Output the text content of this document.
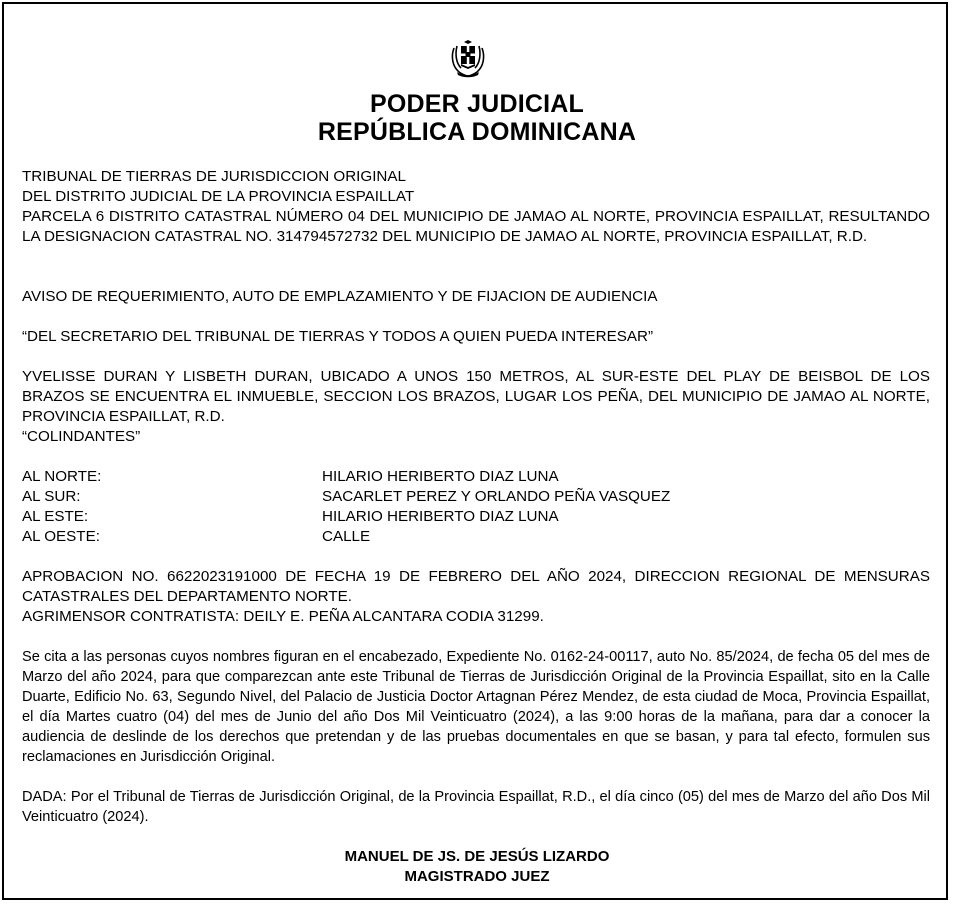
PODER JUDICIAL
REPÚBLICA DOMINICANA
TRIBUNAL DE TIERRAS DE JURISDICCION ORIGINAL
DEL DISTRITO JUDICIAL DE LA PROVINCIA ESPAILLAT
PARCELA 6 DISTRITO CATASTRAL NÚMERO 04 DEL MUNICIPIO DE JAMAO AL NORTE, PROVINCIA ESPAILLAT, RESULTANDO LA DESIGNACION CATASTRAL NO. 314794572732 DEL MUNICIPIO DE JAMAO AL NORTE, PROVINCIA ESPAILLAT, R.D.
AVISO DE REQUERIMIENTO, AUTO DE EMPLAZAMIENTO Y DE FIJACION DE AUDIENCIA
“DEL SECRETARIO DEL TRIBUNAL DE TIERRAS Y TODOS A QUIEN PUEDA INTERESAR”
YVELISSE DURAN Y LISBETH DURAN, UBICADO A UNOS 150 METROS, AL SUR-ESTE DEL PLAY DE BEISBOL DE LOS BRAZOS SE ENCUENTRA EL INMUEBLE, SECCION LOS BRAZOS, LUGAR LOS PEÑA, DEL MUNICIPIO DE JAMAO AL NORTE, PROVINCIA ESPAILLAT, R.D.
“COLINDANTES”
AL NORTE:	HILARIO HERIBERTO DIAZ LUNA
AL SUR:	SACARLET PEREZ Y ORLANDO PEÑA VASQUEZ
AL ESTE:	HILARIO HERIBERTO DIAZ LUNA
AL OESTE:	CALLE
APROBACION NO. 6622023191000 DE FECHA 19 DE FEBRERO DEL AÑO 2024, DIRECCION REGIONAL DE MENSURAS CATASTRALES DEL DEPARTAMENTO NORTE.
AGRIMENSOR CONTRATISTA: DEILY E. PEÑA ALCANTARA CODIA 31299.
Se cita a las personas cuyos nombres figuran en el encabezado, Expediente No. 0162-24-00117, auto No. 85/2024, de fecha 05 del mes de Marzo del año 2024, para que comparezcan ante este Tribunal de Tierras de Jurisdicción Original de la Provincia Espaillat, sito en la Calle Duarte, Edificio No. 63, Segundo Nivel, del Palacio de Justicia Doctor Artagnan Pérez Mendez, de esta ciudad de Moca, Provincia Espaillat, el día Martes cuatro (04) del mes de Junio del año Dos Mil Veinticuatro (2024), a las 9:00 horas de la mañana, para dar a conocer la audiencia de deslinde de los derechos que pretendan y de las pruebas documentales en que se basan, y para tal efecto, formulen sus reclamaciones en Jurisdicción Original.
DADA: Por el Tribunal de Tierras de Jurisdicción Original, de la Provincia Espaillat, R.D., el día cinco (05) del mes de Marzo del año Dos Mil Veinticuatro (2024).
MANUEL DE JS. DE JESÚS LIZARDO
MAGISTRADO JUEZ
